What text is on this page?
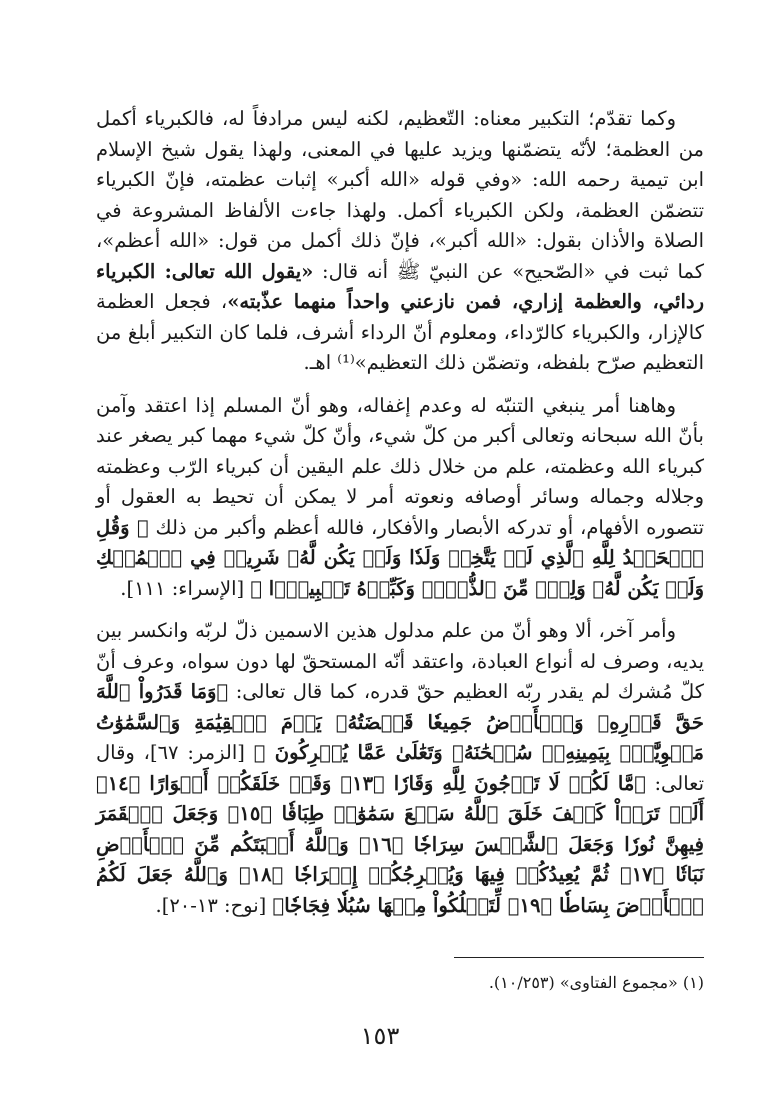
وكما تقدّم؛ التكبير معناه: التّعظيم، لكنه ليس مرادفاً له، فالكبرياء أكمل من العظمة؛ لأنّه يتضمّنها ويزيد عليها في المعنى، ولهذا يقول شيخ الإسلام ابن تيمية رحمه الله: «وفي قوله «الله أكبر» إثبات عظمته، فإنّ الكبرياء تتضمّن العظمة، ولكن الكبرياء أكمل. ولهذا جاءت الألفاظ المشروعة في الصلاة والأذان بقول: «الله أكبر»، فإنّ ذلك أكمل من قول: «الله أعظم»، كما ثبت في «الصّحيح» عن النبيّ ﷺ أنه قال: «يقول الله تعالى: الكبرياء ردائي، والعظمة إزاري، فمن نازعني واحداً منهما عذّبته»، فجعل العظمة كالإزار، والكبرياء كالرّداء، ومعلوم أنّ الرداء أشرف، فلما كان التكبير أبلغ من التعظيم صرّح بلفظه، وتضمّن ذلك التعظيم»⁽¹⁾ اهـ.

وهاهنا أمر ينبغي التنبّه له وعدم إغفاله، وهو أنّ المسلم إذا اعتقد وآمن بأنّ الله سبحانه وتعالى أكبر من كلّ شيء، وأنّ كلّ شيء مهما كبر يصغر عند كبرياء الله وعظمته، علم من خلال ذلك علم اليقين أن كبرياء الرّب وعظمته وجلاله وجماله وسائر أوصافه ونعوته أمر لا يمكن أن تحيط به العقول أو تتصوره الأفهام، أو تدركه الأبصار والأفكار، فالله أعظم وأكبر من ذلك ﴿ وَقُلِ ٱلۡحَمۡدُ لِلَّهِ ٱلَّذِي لَمۡ يَتَّخِذۡ وَلَدٗا وَلَمۡ يَكُن لَّهُۥ شَرِيكٞ فِي ٱلۡمُلۡكِ وَلَمۡ يَكُن لَّهُۥ وَلِيّٞ مِّنَ ٱلذُّلِّۖ وَكَبِّرۡهُ تَكۡبِيرَۢا ﴾ [الإسراء: ١١١].

وأمر آخر، ألا وهو أنّ من علم مدلول هذين الاسمين ذلّ لربّه وانكسر بين يديه، وصرف له أنواع العبادة، واعتقد أنّه المستحقّ لها دون سواه، وعرف أنّ كلّ مُشرك لم يقدر ربّه العظيم حقّ قدره، كما قال تعالى: ﴿وَمَا قَدَرُواْ ٱللَّهَ حَقَّ قَدۡرِهِۦ وَٱلۡأَرۡضُ جَمِيعٗا قَبۡضَتُهُۥ يَوۡمَ ٱلۡقِيَٰمَةِ وَٱلسَّمَٰوَٰتُ مَطۡوِيَّٰتُۢ بِيَمِينِهِۦۚ سُبۡحَٰنَهُۥ وَتَعَٰلَىٰ عَمَّا يُشۡرِكُونَ ﴾ [الزمر: ٦٧]، وقال تعالى: ﴿مَّا لَكُمۡ لَا تَرۡجُونَ لِلَّهِ وَقَارٗا ﴿١٣﴾ وَقَدۡ خَلَقَكُمۡ أَطۡوَارًا ﴿١٤﴾ أَلَمۡ تَرَوۡاْ كَيۡفَ خَلَقَ ٱللَّهُ سَبۡعَ سَمَٰوَٰتٖ طِبَاقٗا ﴿١٥﴾ وَجَعَلَ ٱلۡقَمَرَ فِيهِنَّ نُورٗا وَجَعَلَ ٱلشَّمۡسَ سِرَاجٗا ﴿١٦﴾ وَٱللَّهُ أَنۢبَتَكُم مِّنَ ٱلۡأَرۡضِ نَبَاتٗا ﴿١٧﴾ ثُمَّ يُعِيدُكُمۡ فِيهَا وَيُخۡرِجُكُمۡ إِخۡرَاجٗا ﴿١٨﴾ وَٱللَّهُ جَعَلَ لَكُمُ ٱلۡأَرۡضَ بِسَاطٗا ﴿١٩﴾ لِّتَسۡلُكُواْ مِنۡهَا سُبُلٗا فِجَاجٗا﴾ [نوح: ١٣-٢٠].

(١) «مجموع الفتاوى» (١٠/٢٥٣).
١٥٣
